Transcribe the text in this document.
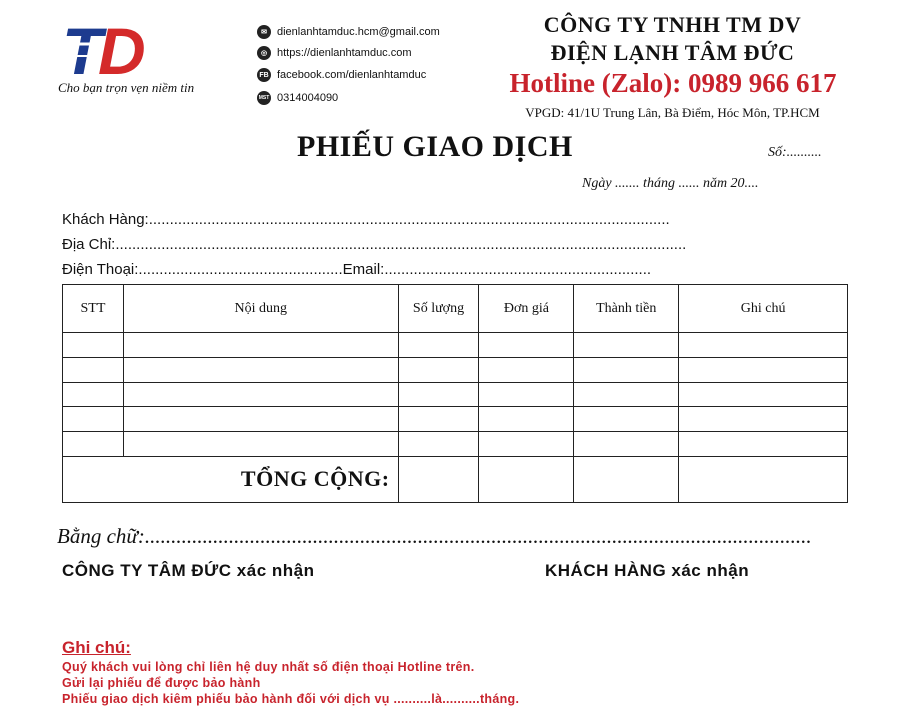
T
D
Cho bạn trọn vẹn niềm tin
✉ dienlanhtamduc.hcm@gmail.com
◎ https://dienlanhtamduc.com
FB facebook.com/dienlanhtamduc
MST 0314004090
CÔNG TY TNHH TM DV
ĐIỆN LẠNH TÂM ĐỨC
Hotline (Zalo): 0989 966 617
VPGD: 41/1U Trung Lân, Bà Điểm, Hóc Môn, TP.HCM
PHIẾU GIAO DỊCH	Số:..........
Ngày ....... tháng ...... năm 20....
Khách Hàng:.............................................................................................................................
Địa Chỉ:.........................................................................................................................................
Điện Thoại:.................................................Email:................................................................
STT	Nội dung	Số lượng	Đơn giá	Thành tiền	Ghi chú

TỔNG CỘNG:					
Bằng chữ:...............................................................................................................................
CÔNG TY TÂM ĐỨC xác nhận	KHÁCH HÀNG xác nhận
Ghi chú:
Quý khách vui lòng chỉ liên hệ duy nhất số điện thoại Hotline trên.
Gửi lại phiếu để được bảo hành
Phiếu giao dịch kiêm phiếu bảo hành đối với dịch vụ ..........là..........tháng.
